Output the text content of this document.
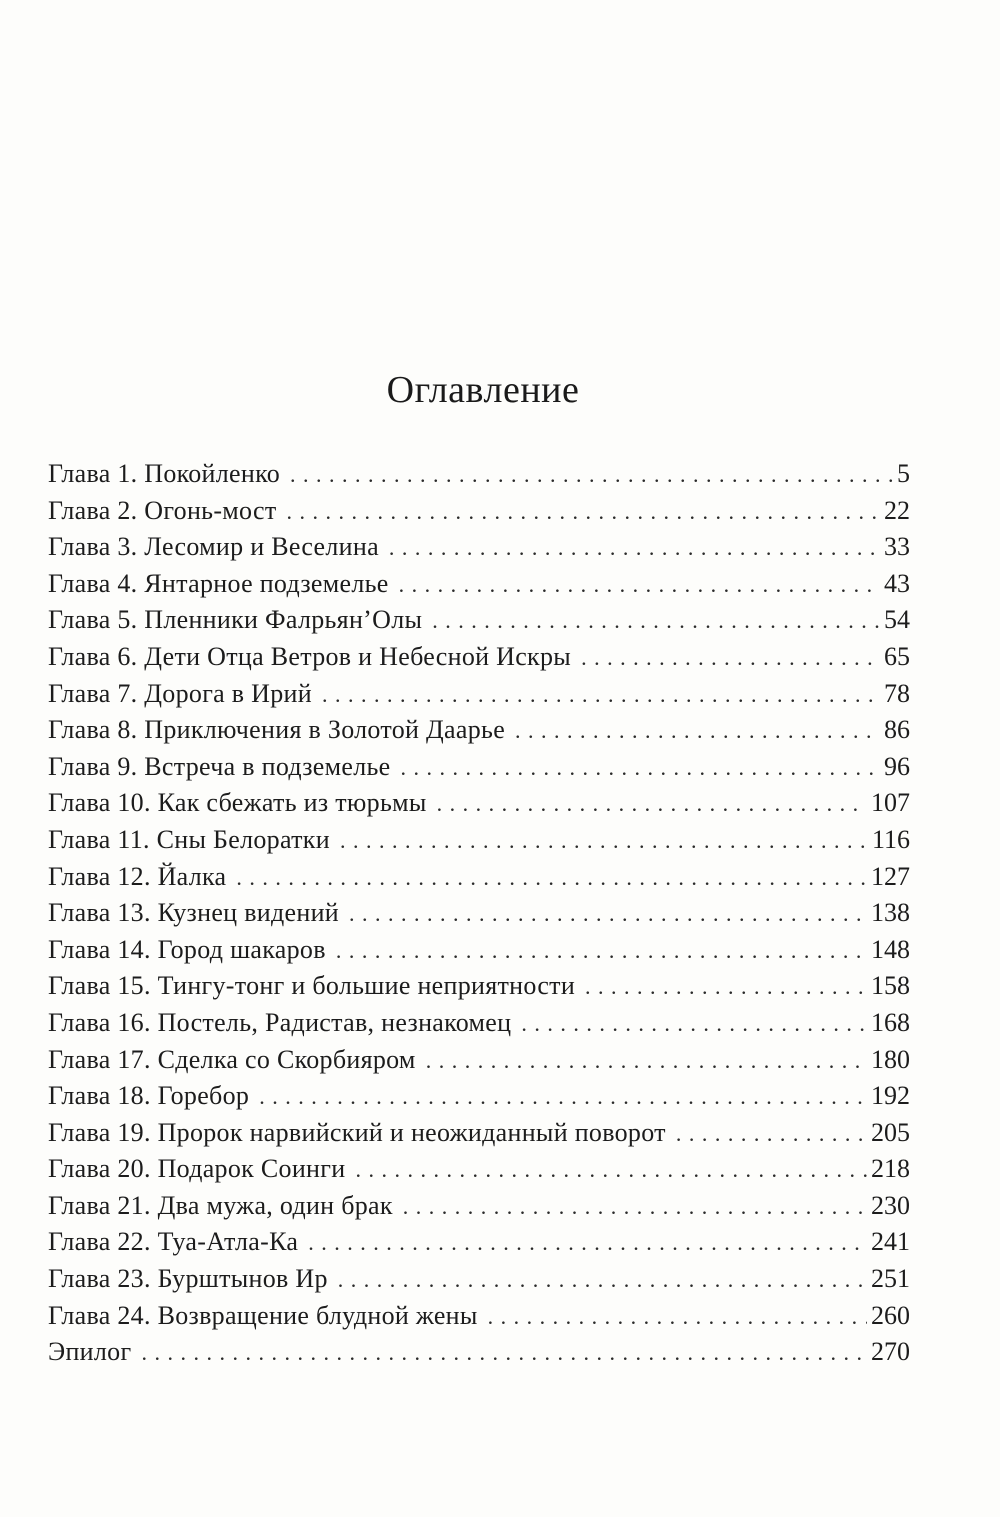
Оглавление
Глава 1. Покойленко . . .	5
Глава 2. Огонь-мост . . .	22
Глава 3. Лесомир и Веселина . . .	33
Глава 4. Янтарное подземелье . . .	43
Глава 5. Пленники Фалрьян’Олы . . .	54
Глава 6. Дети Отца Ветров и Небесной Искры . . .	65
Глава 7. Дорога в Ирий . . .	78
Глава 8. Приключения в Золотой Даарье . . .	86
Глава 9. Встреча в подземелье . . .	96
Глава 10. Как сбежать из тюрьмы . . .	107
Глава 11. Сны Белоратки . . .	116
Глава 12. Йалка . . .	127
Глава 13. Кузнец видений . . .	138
Глава 14. Город шакаров . . .	148
Глава 15. Тингу-тонг и большие неприятности . . .	158
Глава 16. Постель, Радистав, незнакомец . . .	168
Глава 17. Сделка со Скорбияром . . .	180
Глава 18. Горебор . . .	192
Глава 19. Пророк нарвийский и неожиданный поворот . . .	205
Глава 20. Подарок Соинги . . .	218
Глава 21. Два мужа, один брак . . .	230
Глава 22. Туа-Атла-Ка . . .	241
Глава 23. Бурштынов Ир . . .	251
Глава 24. Возвращение блудной жены . . .	260
Эпилог . . .	270
